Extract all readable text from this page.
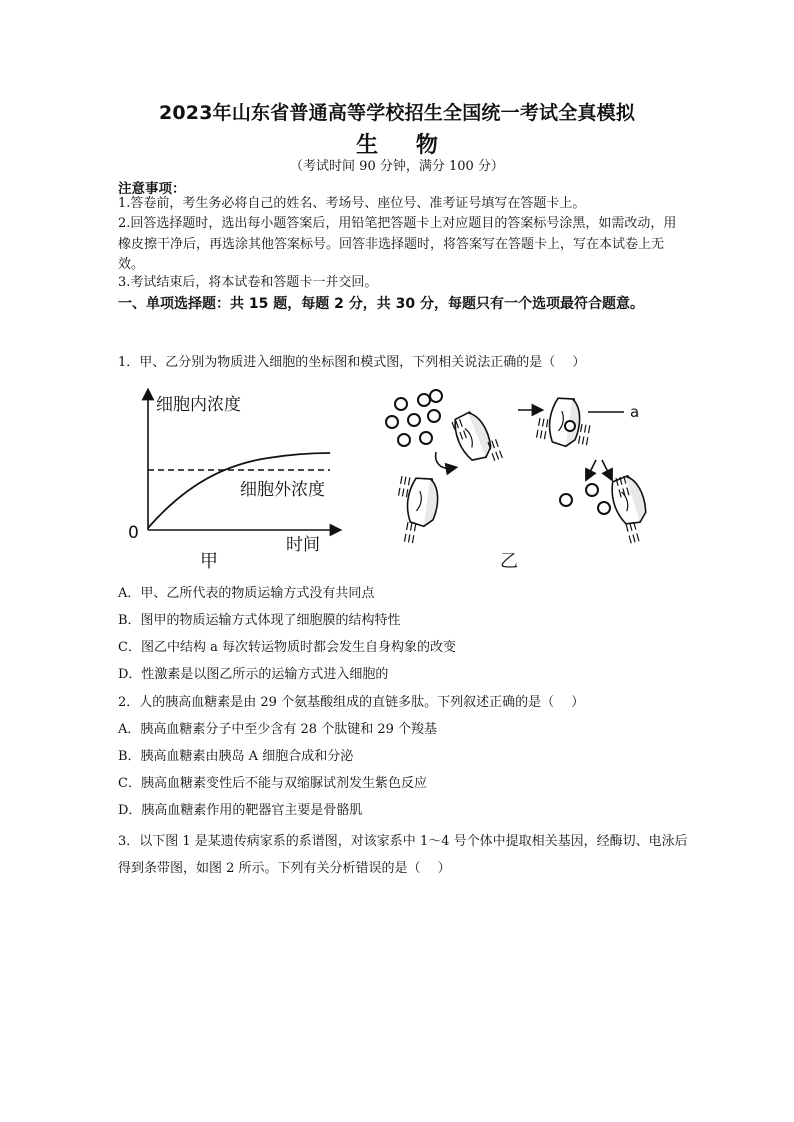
2023年山东省普通高等学校招生全国统一考试全真模拟
生 物
（考试时间 90 分钟，满分 100 分）
注意事项：
1.答卷前，考生务必将自己的姓名、考场号、座位号、准考证号填写在答题卡上。
2.回答选择题时，选出每小题答案后，用铅笔把答题卡上对应题目的答案标号涂黑，如需改动，用橡皮擦干净后，再选涂其他答案标号。回答非选择题时，将答案写在答题卡上，写在本试卷上无效。
3.考试结束后，将本试卷和答题卡一并交回。
一、单项选择题：共 15 题，每题 2 分，共 30 分，每题只有一个选项最符合题意。
1．甲、乙分别为物质进入细胞的坐标图和模式图，下列相关说法正确的是（　 ）
细胞内浓度
细胞外浓度
时间
0
甲
a
乙
A．甲、乙所代表的物质运输方式没有共同点
B．图甲的物质运输方式体现了细胞膜的结构特性
C．图乙中结构 a 每次转运物质时都会发生自身构象的改变
D．性激素是以图乙所示的运输方式进入细胞的
2．人的胰高血糖素是由 29 个氨基酸组成的直链多肽。下列叙述正确的是（　 ）
A．胰高血糖素分子中至少含有 28 个肽键和 29 个羧基
B．胰高血糖素由胰岛 A 细胞合成和分泌
C．胰高血糖素变性后不能与双缩脲试剂发生紫色反应
D．胰高血糖素作用的靶器官主要是骨骼肌
3．以下图 1 是某遗传病家系的系谱图，对该家系中 1～4 号个体中提取相关基因，经酶切、电泳后得到条带图，如图 2 所示。下列有关分析错误的是（　 ）
